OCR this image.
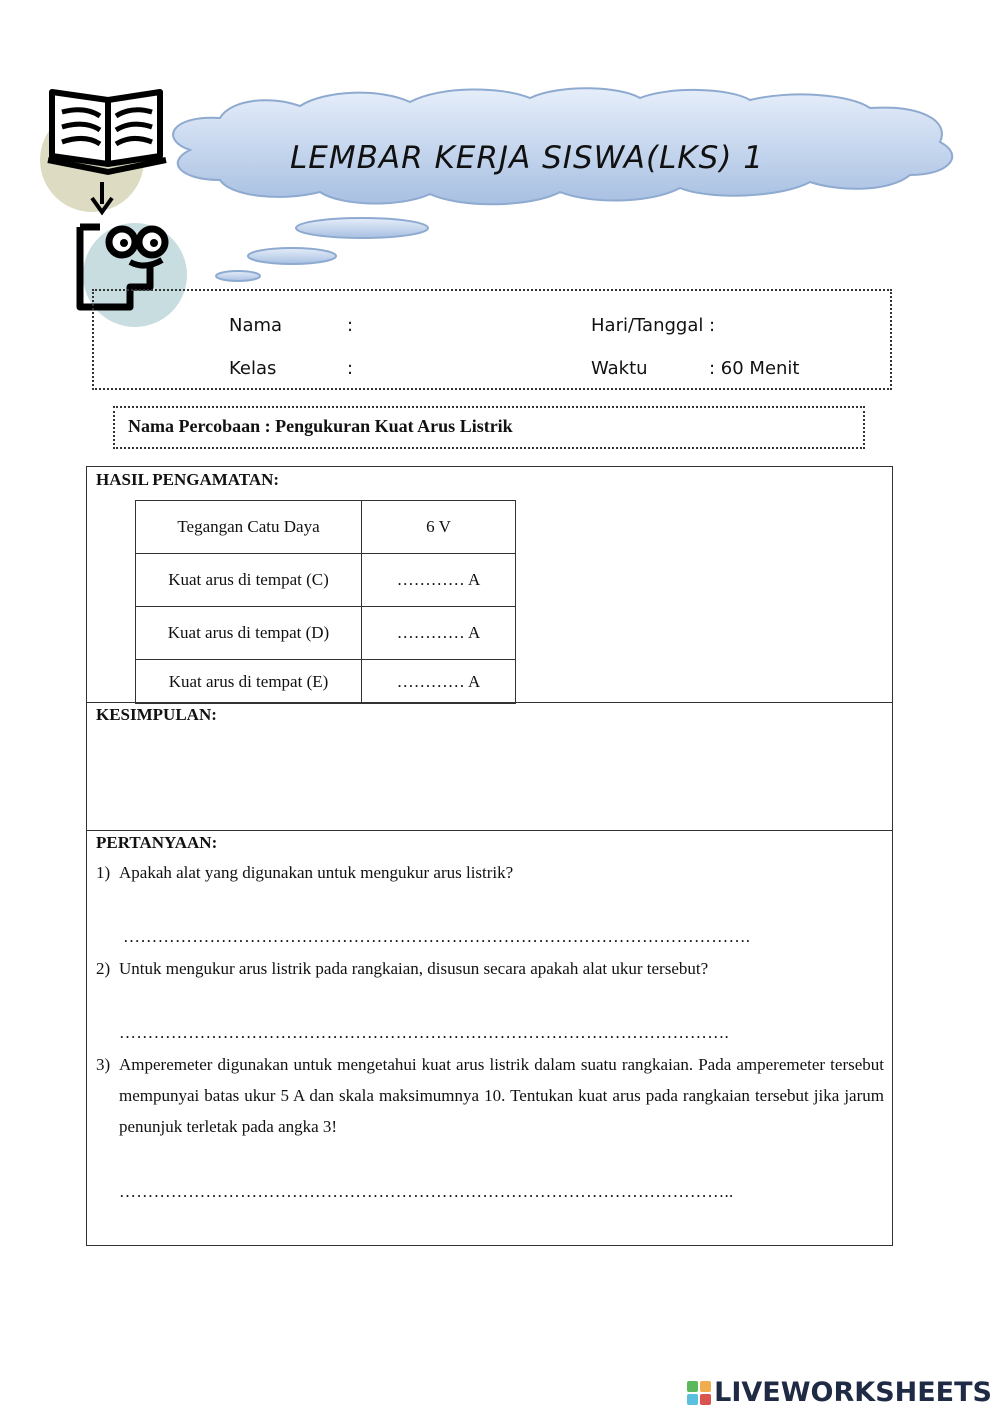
LEMBAR KERJA SISWA(LKS) 1
Nama	:
Kelas	:
Hari/Tanggal :
Waktu	: 60 Menit
Nama Percobaan : Pengukuran Kuat Arus Listrik
HASIL PENGAMATAN:
Tegangan Catu Daya	6 V
Kuat arus di tempat (C)	………… A
Kuat arus di tempat (D)	………… A
Kuat arus di tempat (E)	………… A
KESIMPULAN:
PERTANYAAN:
1) Apakah alat yang digunakan untuk mengukur arus listrik?
……………………………………………………………………………………………….
2) Untuk mengukur arus listrik pada rangkaian, disusun secara apakah alat ukur tersebut?
…………………………………………………………………………………………….
3) Amperemeter digunakan untuk mengetahui kuat arus listrik dalam suatu rangkaian. Pada amperemeter tersebut mempunyai batas ukur 5 A dan skala maksimumnya 10. Tentukan kuat arus pada rangkaian tersebut jika jarum penunjuk terletak pada angka 3!
……………………………………………………………………………………………..
LIVEWORKSHEETS
